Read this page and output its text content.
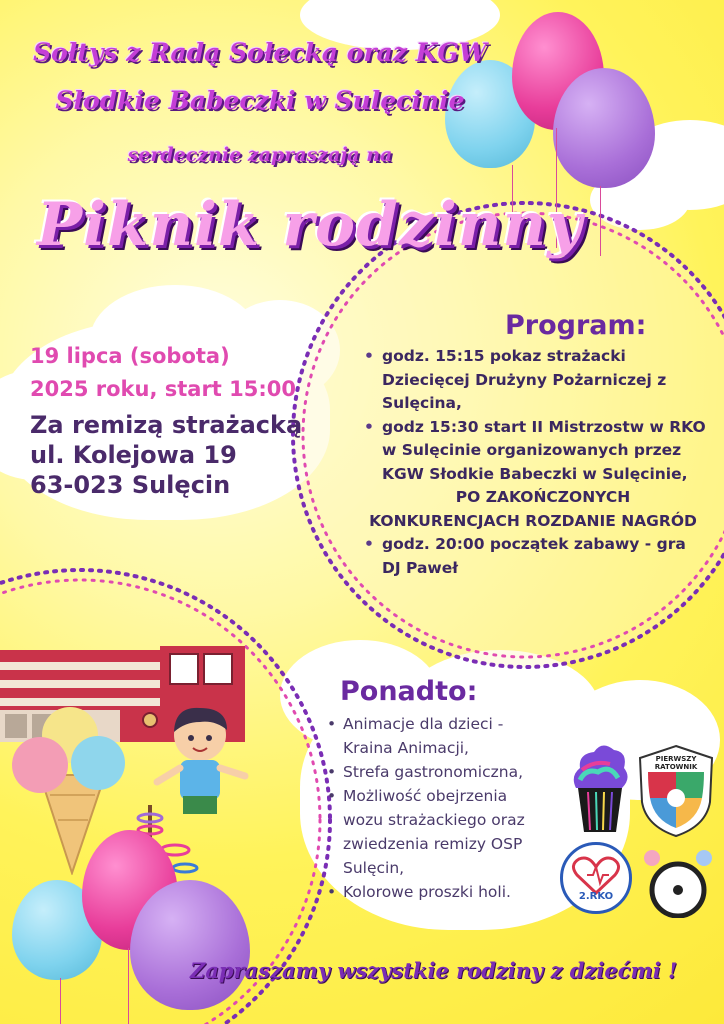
Sołtys z Radą Sołecką oraz KGW
Słodkie Babeczki w Sulęcinie
serdecznie zapraszają na
Piknik rodzinny
19 lipca (sobota)
2025 roku, start 15:00
Za remizą strażacką
ul. Kolejowa 19
63-023 Sulęcin
Program:
• godz. 15:15 pokaz strażacki
Dziecięcej Drużyny Pożarniczej z
Sulęcina,
• godz 15:30 start II Mistrzostw w RKO
w Sulęcinie organizowanych przez
KGW Słodkie Babeczki w Sulęcinie,
PO ZAKOŃCZONYCH
KONKURENCJACH ROZDANIE NAGRÓD
• godz. 20:00 początek zabawy - gra
DJ Paweł
Ponadto:
• Animacje dla dzieci -
Kraina Animacji,
• Strefa gastronomiczna,
• Możliwość obejrzenia
wozu strażackiego oraz
zwiedzenia remizy OSP
Sulęcin,
• Kolorowe proszki holi.
PIERWSZY RATOWNIK
2.RKO
Zapraszamy wszystkie rodziny z dziećmi !
